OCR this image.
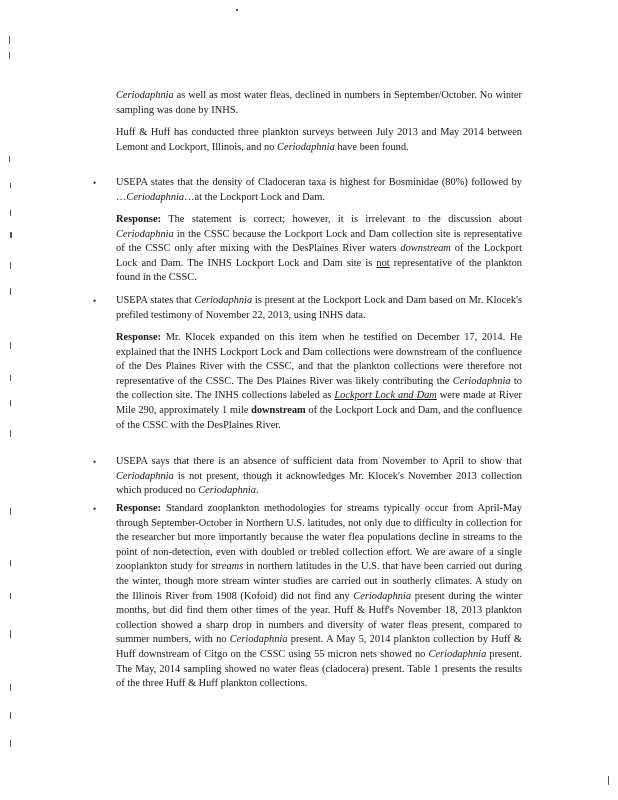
Ceriodaphnia as well as most water fleas, declined in numbers in September/October. No winter sampling was done by INHS.

Huff & Huff has conducted three plankton surveys between July 2013 and May 2014 between Lemont and Lockport, Illinois, and no Ceriodaphnia have been found.

• USEPA states that the density of Cladoceran taxa is highest for Bosminidae (80%) followed by …Ceriodaphnia…at the Lockport Lock and Dam.

Response: The statement is correct; however, it is irrelevant to the discussion about Ceriodaphnia in the CSSC because the Lockport Lock and Dam collection site is representative of the CSSC only after mixing with the DesPlaines River waters downstream of the Lockport Lock and Dam. The INHS Lockport Lock and Dam site is not representative of the plankton found in the CSSC.

• USEPA states that Ceriodaphnia is present at the Lockport Lock and Dam based on Mr. Klocek's prefiled testimony of November 22, 2013, using INHS data.

Response: Mr. Klocek expanded on this item when he testified on December 17, 2014. He explained that the INHS Lockport Lock and Dam collections were downstream of the confluence of the Des Plaines River with the CSSC, and that the plankton collections were therefore not representative of the CSSC. The Des Plaines River was likely contributing the Ceriodaphnia to the collection site. The INHS collections labeled as Lockport Lock and Dam were made at River Mile 290, approximately 1 mile downstream of the Lockport Lock and Dam, and the confluence of the CSSC with the DesPlaines River.

• USEPA says that there is an absence of sufficient data from November to April to show that Ceriodaphnia is not present, though it acknowledges Mr. Klocek's November 2013 collection which produced no Ceriodaphnia.

• Response: Standard zooplankton methodologies for streams typically occur from April-May through September-October in Northern U.S. latitudes, not only due to difficulty in collection for the researcher but more importantly because the water flea populations decline in streams to the point of non-detection, even with doubled or trebled collection effort. We are aware of a single zooplankton study for streams in northern latitudes in the U.S. that have been carried out during the winter, though more stream winter studies are carried out in southerly climates. A study on the Illinois River from 1908 (Kofoid) did not find any Ceriodaphnia present during the winter months, but did find them other times of the year. Huff & Huff's November 18, 2013 plankton collection showed a sharp drop in numbers and diversity of water fleas present, compared to summer numbers, with no Ceriodaphnia present. A May 5, 2014 plankton collection by Huff & Huff downstream of Citgo on the CSSC using 55 micron nets showed no Ceriodaphnia present. The May, 2014 sampling showed no water fleas (cladocera) present. Table 1 presents the results of the three Huff & Huff plankton collections.
